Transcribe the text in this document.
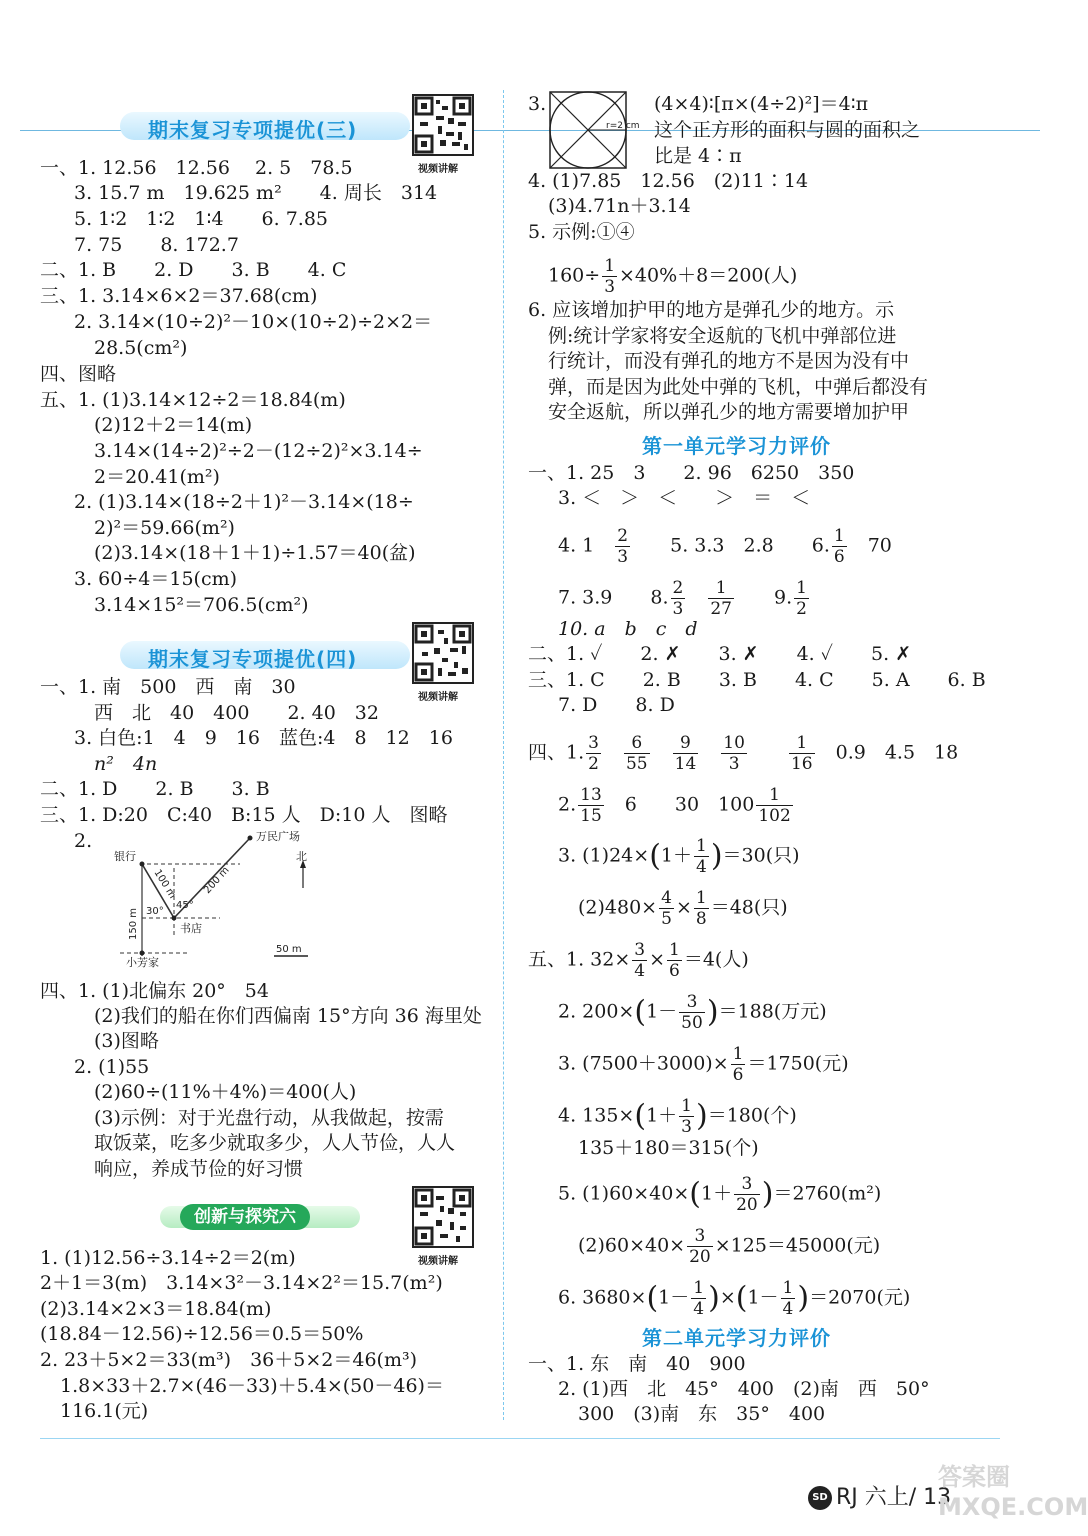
期末复习专项提优(三)
视频讲解
一、1. 12.56　12.56　 2. 5　78.5
3. 15.7 m　19.625 m²　　4. 周长　314
5. 1∶2　1∶2　1∶4　　6. 7.85
7. 75　　8. 172.7
二、1. B　　2. D　　3. B　　4. C
三、1. 3.14×6×2＝37.68(cm)
2. 3.14×(10÷2)²－10×(10÷2)÷2×2＝
28.5(cm²)
四、图略
五、1. (1)3.14×12÷2＝18.84(m)
(2)12＋2＝14(m)
3.14×(14÷2)²÷2－(12÷2)²×3.14÷
2＝20.41(m²)
2. (1)3.14×(18÷2＋1)²－3.14×(18÷
2)²＝59.66(m²)
(2)3.14×(18＋1＋1)÷1.57＝40(盆)
3. 60÷4＝15(cm)
3.14×15²＝706.5(cm²)
期末复习专项提优(四)
视频讲解
一、1. 南　500　西　南　30
西　北　40　400　　2. 40　32
3. 白色:1　4　9　16　蓝色:4　8　12　16
n²　4n
二、1. D　　2. B　　3. B
三、1. D:20　C:40　B:15 人　D:10 人　图略
2.
银行
万民广场
北
书店
小芳家
100 m 200 m
150 m
45°
30°
50 m
四、1. (1)北偏东 20°　54
(2)我们的船在你们西偏南 15°方向 36 海里处
(3)图略
2. (1)55
(2)60÷(11%＋4%)＝400(人)
(3)示例：对于光盘行动，从我做起，按需
取饭菜，吃多少就取多少，人人节俭，人人
响应，养成节俭的好习惯
创新与探究六
视频讲解
1. (1)12.56÷3.14÷2＝2(m)
2＋1＝3(m)　3.14×3²－3.14×2²＝15.7(m²)
(2)3.14×2×3＝18.84(m)
(18.84－12.56)÷12.56＝0.5＝50%
2. 23＋5×2＝33(m³)　36＋5×2＝46(m³)
1.8×33＋2.7×(46－33)＋5.4×(50－46)＝
116.1(元)
3.
r=2 cm
(4×4)∶[π×(4÷2)²]＝4∶π
这个正方形的面积与圆的面积之
比是 4∶π
4. (1)7.85　12.56　(2)11∶14
(3)4.71n＋3.14
5. 示例:①④
$160\div \frac{1}{3} \times 40\%+8=200$(人)
6. 应该增加护甲的地方是弹孔少的地方。示
例:统计学家将安全返航的飞机中弹部位进
行统计，而没有弹孔的地方不是因为没有中
弹，而是因为此处中弹的飞机，中弹后都没有
安全返航，所以弹孔少的地方需要增加护甲
第一单元学习力评价
一、1. 25　3　　2. 96　6250　350
3. ＜　＞　＜　　＞　＝　＜
4. 1　 $\frac{2}{3}$
　　 5. 3.3　2.8　　6. $\frac{1}{6}$
　 70
7. 3.9　　8. $\frac{2}{3}$
　 $\frac{1}{27}$
　　 9. $\frac{1}{2}$
10. a　b　c　d
二、1. ✓　　2. ✗　　3. ✗　　4. ✓　　5. ✗
三、1. C　　2. B　　3. B　　4. C　　5. A　　6. B
7. D　　8. D
四、1. $\frac{3}{2}$
　 $\frac{6}{55}$
　 $\frac{9}{14}$
　 $\frac{10}{3}$
　　 $\frac{1}{16}$
　 0.9　4.5　18
2. $\frac{13}{15}$
　 6　　30　$100 \frac{1}{102}$
3. $(1)24\times(1+ \frac{1}{4} )=30$(只)
$(2)480\times \frac{4}{5} \times \frac{1}{8} =48$(只)
五、1. $32\times \frac{3}{4} \times \frac{1}{6} =4$(人)
2. $200\times(1- \frac{3}{50} )=188$(万元)
3. $(7500+3000)\times \frac{1}{6} =1750$(元)
4. $135\times(1+ \frac{1}{3} )=180$(个)
135＋180＝315(个)
5. $(1)60\times 40\times(1+ \frac{3}{20} )=2760(m^2)$
$(2)60\times 40\times \frac{3}{20} \times 125=45000$(元)
6. $3680\times(1- \frac{1}{4} )\times(1- \frac{1}{4} )=2070$(元)
第二单元学习力评价
一、1. 东　南　40　900
2. (1)西　北　45°　400　(2)南　西　50°
300　(3)南　东　35°　400
SD RJ 六上/ 13
答案圈 MXQE.COM
